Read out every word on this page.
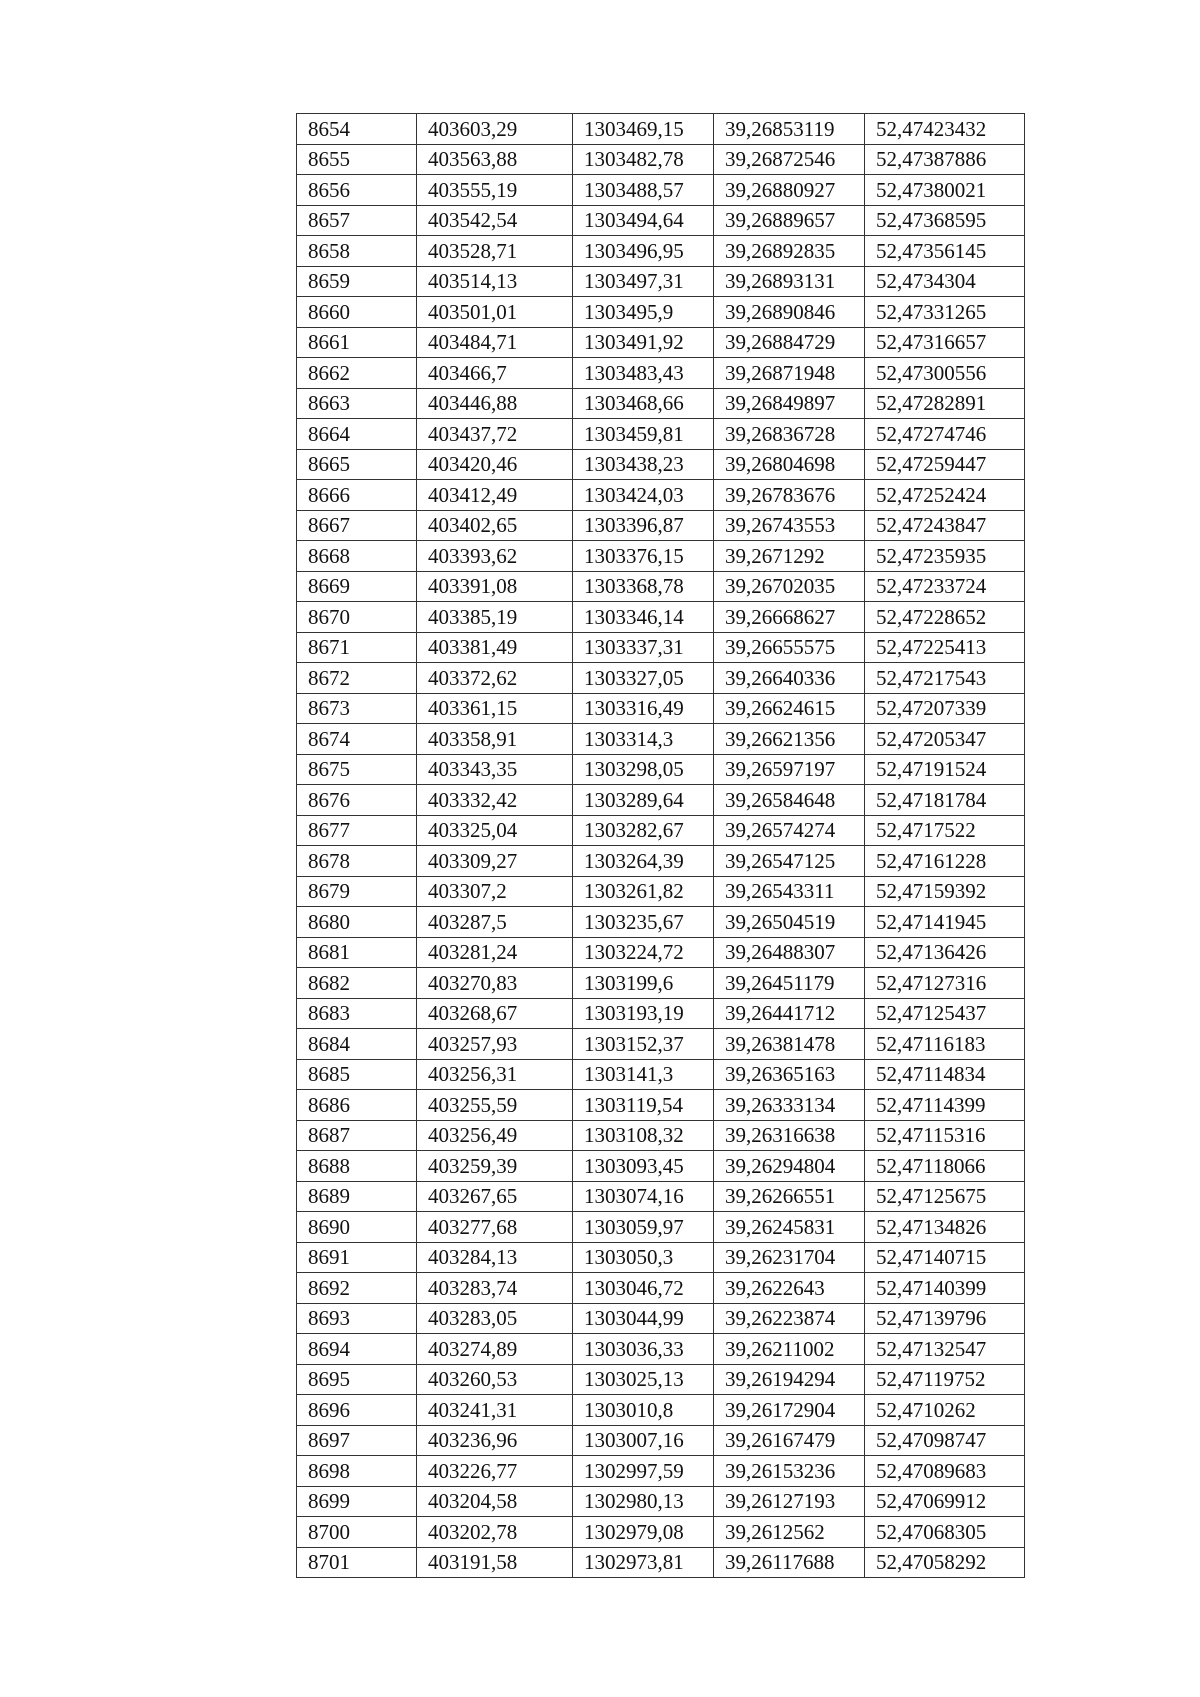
8654	403603,29	1303469,15	39,26853119	52,47423432
8655	403563,88	1303482,78	39,26872546	52,47387886
8656	403555,19	1303488,57	39,26880927	52,47380021
8657	403542,54	1303494,64	39,26889657	52,47368595
8658	403528,71	1303496,95	39,26892835	52,47356145
8659	403514,13	1303497,31	39,26893131	52,4734304
8660	403501,01	1303495,9	39,26890846	52,47331265
8661	403484,71	1303491,92	39,26884729	52,47316657
8662	403466,7	1303483,43	39,26871948	52,47300556
8663	403446,88	1303468,66	39,26849897	52,47282891
8664	403437,72	1303459,81	39,26836728	52,47274746
8665	403420,46	1303438,23	39,26804698	52,47259447
8666	403412,49	1303424,03	39,26783676	52,47252424
8667	403402,65	1303396,87	39,26743553	52,47243847
8668	403393,62	1303376,15	39,2671292	52,47235935
8669	403391,08	1303368,78	39,26702035	52,47233724
8670	403385,19	1303346,14	39,26668627	52,47228652
8671	403381,49	1303337,31	39,26655575	52,47225413
8672	403372,62	1303327,05	39,26640336	52,47217543
8673	403361,15	1303316,49	39,26624615	52,47207339
8674	403358,91	1303314,3	39,26621356	52,47205347
8675	403343,35	1303298,05	39,26597197	52,47191524
8676	403332,42	1303289,64	39,26584648	52,47181784
8677	403325,04	1303282,67	39,26574274	52,4717522
8678	403309,27	1303264,39	39,26547125	52,47161228
8679	403307,2	1303261,82	39,26543311	52,47159392
8680	403287,5	1303235,67	39,26504519	52,47141945
8681	403281,24	1303224,72	39,26488307	52,47136426
8682	403270,83	1303199,6	39,26451179	52,47127316
8683	403268,67	1303193,19	39,26441712	52,47125437
8684	403257,93	1303152,37	39,26381478	52,47116183
8685	403256,31	1303141,3	39,26365163	52,47114834
8686	403255,59	1303119,54	39,26333134	52,47114399
8687	403256,49	1303108,32	39,26316638	52,47115316
8688	403259,39	1303093,45	39,26294804	52,47118066
8689	403267,65	1303074,16	39,26266551	52,47125675
8690	403277,68	1303059,97	39,26245831	52,47134826
8691	403284,13	1303050,3	39,26231704	52,47140715
8692	403283,74	1303046,72	39,2622643	52,47140399
8693	403283,05	1303044,99	39,26223874	52,47139796
8694	403274,89	1303036,33	39,26211002	52,47132547
8695	403260,53	1303025,13	39,26194294	52,47119752
8696	403241,31	1303010,8	39,26172904	52,4710262
8697	403236,96	1303007,16	39,26167479	52,47098747
8698	403226,77	1302997,59	39,26153236	52,47089683
8699	403204,58	1302980,13	39,26127193	52,47069912
8700	403202,78	1302979,08	39,2612562	52,47068305
8701	403191,58	1302973,81	39,26117688	52,47058292
